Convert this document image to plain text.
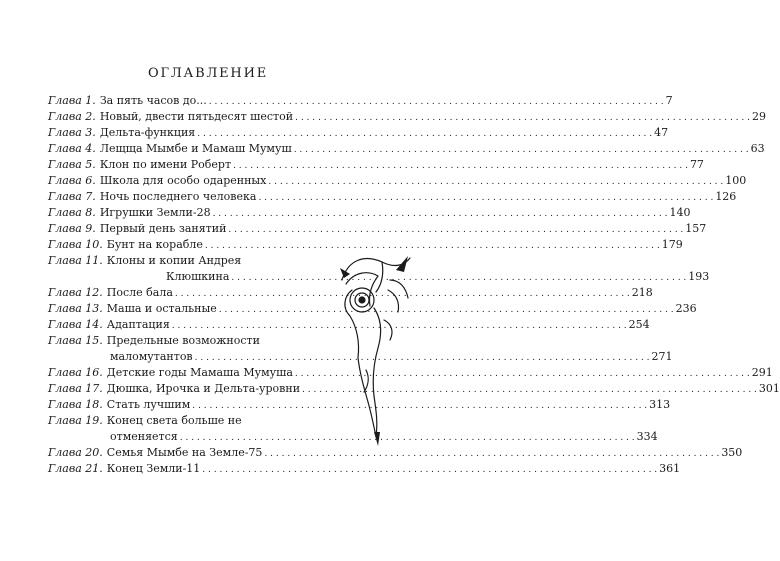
ОГЛАВЛЕНИЕ
Глава 1. За пять часов до... . . .	7
Глава 2. Новый, двести пятьдесят шестой . . .	29
Глава 3. Дельта-функция . . .	47
Глава 4. Лещща Мымбе и Мамаш Мумуш . . .	63
Глава 5. Клон по имени Роберт . . .	77
Глава 6. Школа для особо одаренных . . .	100
Глава 7. Ночь последнего человека . . .	126
Глава 8. Игрушки Земли-28 . . .	140
Глава 9. Первый день занятий . . .	157
Глава 10. Бунт на корабле . . .	179
Глава 11. Клоны и копии Андрея
Клюшкина . . .	193
Глава 12. После бала . . .	218
Глава 13. Маша и остальные . . .	236
Глава 14. Адаптация . . .	254
Глава 15. Предельные возможности
маломутантов . . .	271
Глава 16. Детские годы Мамаша Мумуша . . .	291
Глава 17. Дюшка, Ирочка и Дельта-уровни . . .	301
Глава 18. Стать лучшим . . .	313
Глава 19. Конец света больше не
отменяется . . .	334
Глава 20. Семья Мымбе на Земле-75 . . .	350
Глава 21. Конец Земли-11 . . .	361
